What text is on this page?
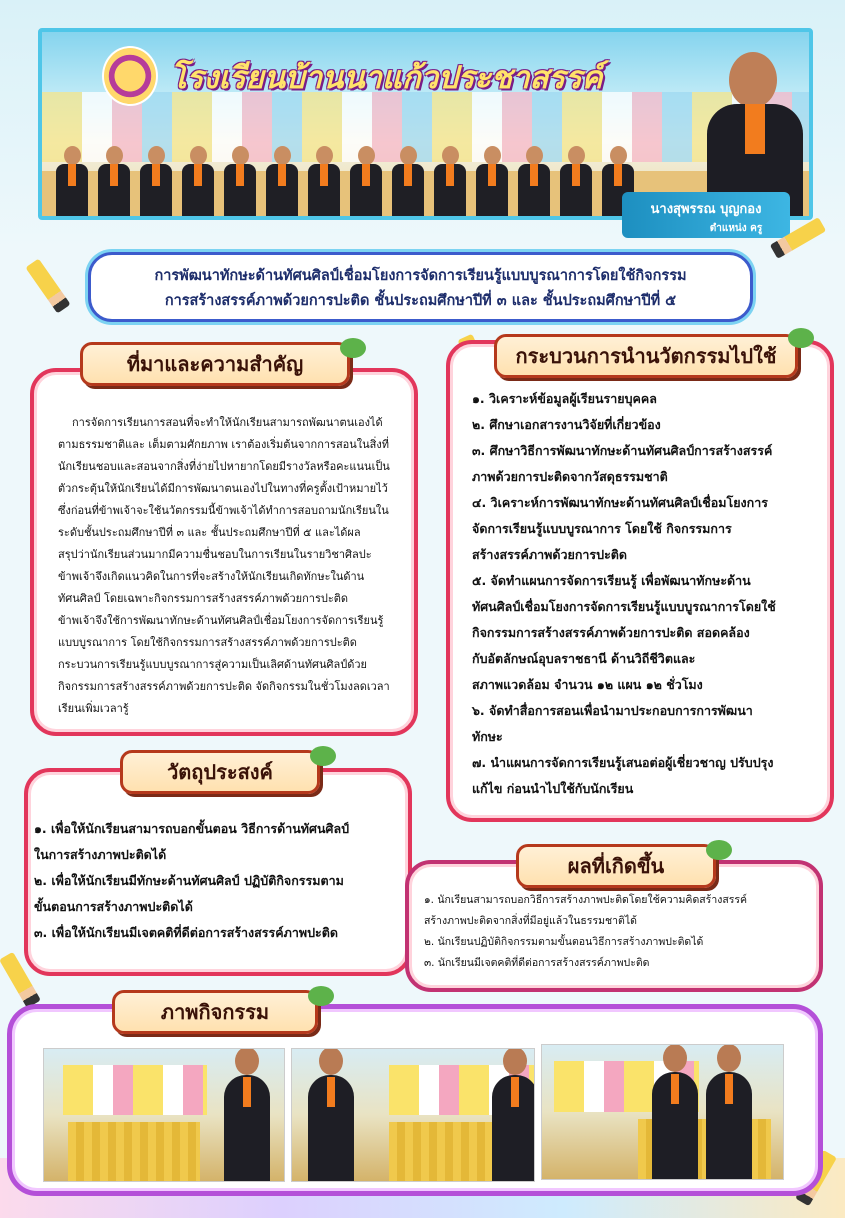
โรงเรียนบ้านนาแก้วประชาสรรค์
นางสุพรรณ บุญกอง
ตำแหน่ง ครู
การพัฒนาทักษะด้านทัศนศิลป์เชื่อมโยงการจัดการเรียนรู้แบบบูรณาการโดยใช้กิจกรรม
การสร้างสรรค์ภาพด้วยการปะติด ชั้นประถมศึกษาปีที่ ๓ และ ชั้นประถมศึกษาปีที่ ๕
ที่มาและความสำคัญ

การจัดการเรียนการสอนที่จะทำให้นักเรียนสามารถพัฒนาตนเองได้

ตามธรรมชาติและ เต็มตามศักยภาพ เราต้องเริ่มต้นจากการสอนในสิ่งที่

นักเรียนชอบและสอนจากสิ่งที่ง่ายไปหายากโดยมีรางวัลหรือคะแนนเป็น

ตัวกระตุ้นให้นักเรียนได้มีการพัฒนาตนเองไปในทางที่ครูตั้งเป้าหมายไว้

ซึ่งก่อนที่ข้าพเจ้าจะใช้นวัตกรรมนี้ข้าพเจ้าได้ทำการสอบถามนักเรียนใน

ระดับชั้นประถมศึกษาปีที่ ๓ และ ชั้นประถมศึกษาปีที่ ๕ และได้ผล

สรุปว่านักเรียนส่วนมากมีความชื่นชอบในการเรียนในรายวิชาศิลปะ

ข้าพเจ้าจึงเกิดแนวคิดในการที่จะสร้างให้นักเรียนเกิดทักษะในด้าน

ทัศนศิลป์ โดยเฉพาะกิจกรรมการสร้างสรรค์ภาพด้วยการปะติด

ข้าพเจ้าจึงใช้การพัฒนาทักษะด้านทัศนศิลป์เชื่อมโยงการจัดการเรียนรู้

แบบบูรณาการ โดยใช้กิจกรรมการสร้างสรรค์ภาพด้วยการปะติด

กระบวนการเรียนรู้แบบบูรณาการสู่ความเป็นเลิศด้านทัศนศิลป์ด้วย

กิจกรรมการสร้างสรรค์ภาพด้วยการปะติด จัดกิจกรรมในชั่วโมงลดเวลา

เรียนเพิ่มเวลารู้

กระบวนการนำนวัตกรรมไปใช้

๑. วิเคราะห์ข้อมูลผู้เรียนรายบุคคล

๒. ศึกษาเอกสารงานวิจัยที่เกี่ยวข้อง

๓. ศึกษาวิธีการพัฒนาทักษะด้านทัศนศิลป์การสร้างสรรค์

ภาพด้วยการปะติดจากวัสดุธรรมชาติ

๔. วิเคราะห์การพัฒนาทักษะด้านทัศนศิลป์เชื่อมโยงการ

จัดการเรียนรู้แบบบูรณาการ โดยใช้ กิจกรรมการ

สร้างสรรค์ภาพด้วยการปะติด

๕. จัดทำแผนการจัดการเรียนรู้ เพื่อพัฒนาทักษะด้าน

ทัศนศิลป์เชื่อมโยงการจัดการเรียนรู้แบบบูรณาการโดยใช้

กิจกรรมการสร้างสรรค์ภาพด้วยการปะติด สอดคล้อง

กับอัตลักษณ์อุบลราชธานี ด้านวิถีชีวิตและ

สภาพแวดล้อม จำนวน ๑๒ แผน ๑๒ ชั่วโมง

๖. จัดทำสื่อการสอนเพื่อนำมาประกอบการการพัฒนา

ทักษะ

๗. นำแผนการจัดการเรียนรู้เสนอต่อผู้เชี่ยวชาญ ปรับปรุง

แก้ไข ก่อนนำไปใช้กับนักเรียน

วัตถุประสงค์

๑. เพื่อให้นักเรียนสามารถบอกขั้นตอน วิธีการด้านทัศนศิลป์

ในการสร้างภาพปะติดได้

๒. เพื่อให้นักเรียนมีทักษะด้านทัศนศิลป์ ปฏิบัติกิจกรรมตาม

ขั้นตอนการสร้างภาพปะติดได้

๓. เพื่อให้นักเรียนมีเจตคติที่ดีต่อการสร้างสรรค์ภาพปะติด

ผลที่เกิดขึ้น

๑. นักเรียนสามารถบอกวิธีการสร้างภาพปะติดโดยใช้ความคิดสร้างสรรค์

สร้างภาพปะติดจากสิ่งที่มีอยู่แล้วในธรรมชาติได้

๒. นักเรียนปฏิบัติกิจกรรมตามขั้นตอนวิธีการสร้างภาพปะติดได้

๓. นักเรียนมีเจตคติที่ดีต่อการสร้างสรรค์ภาพปะติด

ภาพกิจกรรม
